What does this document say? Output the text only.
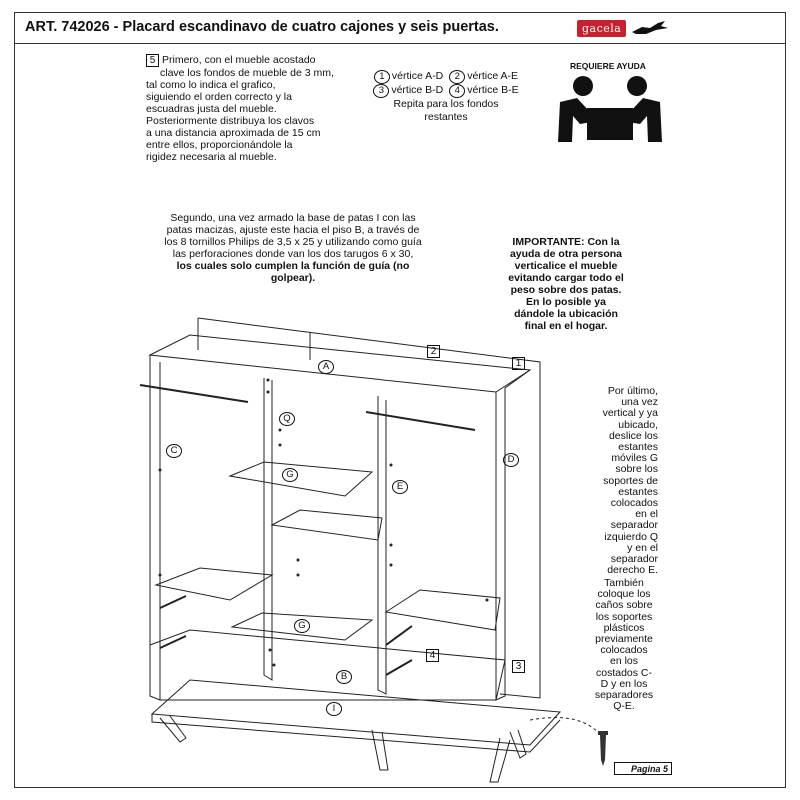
ART. 742026 - Placard escandinavo de cuatro cajones y seis puertas.	gacela
5 Primero, con el mueble acostado
clave los fondos de mueble de 3 mm,
tal como lo indica el grafico,
siguiendo el orden correcto y la
escuadras justa del mueble.
Posteriormente distribuya los clavos
a una distancia aproximada de 15 cm
entre ellos, proporcionándole la
rigidez necesaria al mueble.
1 vértice A-D	2 vértice A-E
3 vértice B-D	4 vértice B-E
Repita para los fondos
restantes
REQUIERE AYUDA
Segundo, una vez armado la base de patas I con las
patas macizas, ajuste este hacia el piso B, a través de
los 8 tornillos Philips de 3,5 x 25 y utilizando como guía
las perforaciones donde van los dos tarugos 6 x 30,
los cuales solo cumplen la función de guía (no
golpear).
IMPORTANTE: Con la
ayuda de otra persona
verticalice el mueble
evitando cargar todo el
peso sobre dos patas.
En lo posible ya
dándole la ubicación
final en el hogar.
Por último,
una vez
vertical y ya
ubicado,
deslice los
estantes
móviles G
sobre los
soportes de
estantes
colocados
en el
separador
izquierdo Q
y en el
separador
derecho E.
También
coloque los
caños sobre
los soportes
plásticos
previamente
colocados
en los
costados C-
D y en los
separadores
Q-E.
A
Q
G
C
D
E
G
B
I
1
2
3
4
Pagina 5
